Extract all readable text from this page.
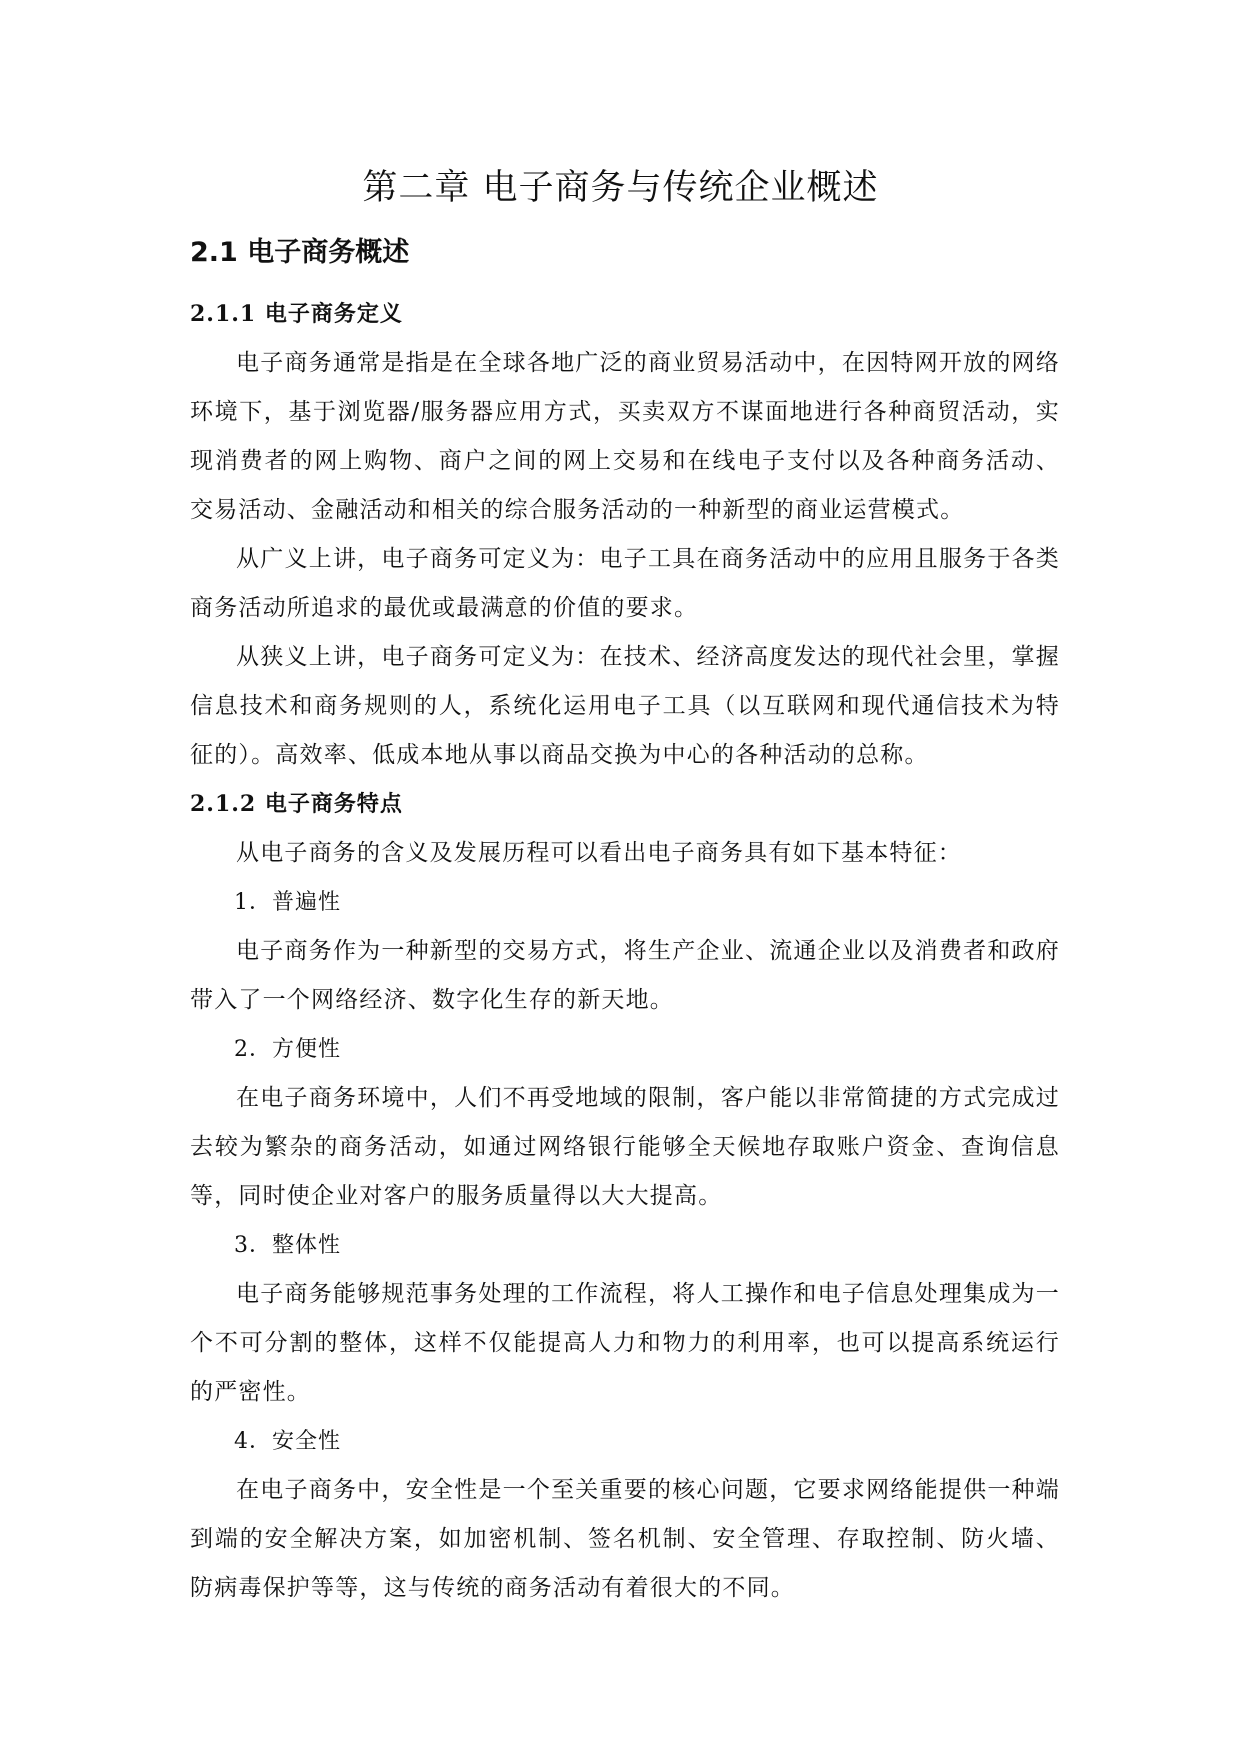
第二章 电子商务与传统企业概述
2.1 电子商务概述
2.1.1 电子商务定义

电子商务通常是指是在全球各地广泛的商业贸易活动中，在因特网开放的网络环境下，基于浏览器/服务器应用方式，买卖双方不谋面地进行各种商贸活动，实现消费者的网上购物、商户之间的网上交易和在线电子支付以及各种商务活动、交易活动、金融活动和相关的综合服务活动的一种新型的商业运营模式。

从广义上讲，电子商务可定义为：电子工具在商务活动中的应用且服务于各类商务活动所追求的最优或最满意的价值的要求。

从狭义上讲，电子商务可定义为：在技术、经济高度发达的现代社会里，掌握信息技术和商务规则的人，系统化运用电子工具（以互联网和现代通信技术为特征的）。高效率、低成本地从事以商品交换为中心的各种活动的总称。

2.1.2 电子商务特点

从电子商务的含义及发展历程可以看出电子商务具有如下基本特征：

1．普遍性

电子商务作为一种新型的交易方式，将生产企业、流通企业以及消费者和政府带入了一个网络经济、数字化生存的新天地。

2．方便性

在电子商务环境中，人们不再受地域的限制，客户能以非常简捷的方式完成过去较为繁杂的商务活动，如通过网络银行能够全天候地存取账户资金、查询信息等，同时使企业对客户的服务质量得以大大提高。

3．整体性

电子商务能够规范事务处理的工作流程，将人工操作和电子信息处理集成为一个不可分割的整体，这样不仅能提高人力和物力的利用率，也可以提高系统运行的严密性。

4．安全性

在电子商务中，安全性是一个至关重要的核心问题，它要求网络能提供一种端到端的安全解决方案，如加密机制、签名机制、安全管理、存取控制、防火墙、防病毒保护等等，这与传统的商务活动有着很大的不同。
